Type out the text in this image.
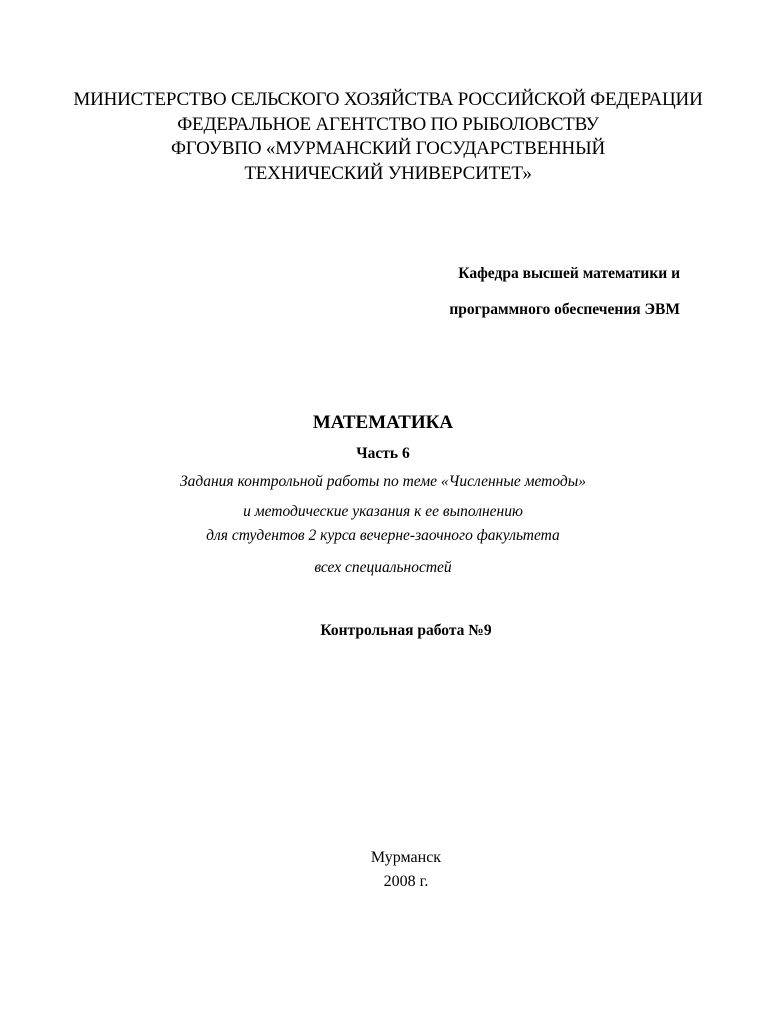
МИНИСТЕРСТВО СЕЛЬСКОГО ХОЗЯЙСТВА РОССИЙСКОЙ ФЕДЕРАЦИИ
ФЕДЕРАЛЬНОЕ АГЕНТСТВО ПО РЫБОЛОВСТВУ
ФГОУВПО «МУРМАНСКИЙ ГОСУДАРСТВЕННЫЙ
ТЕХНИЧЕСКИЙ УНИВЕРСИТЕТ»
Кафедра высшей математики и
программного обеспечения ЭВМ
МАТЕМАТИКА
Часть 6
Задания контрольной работы по теме «Численные методы»
и методические указания к ее выполнению
для студентов 2 курса вечерне-заочного факультета
всех специальностей
Контрольная работа №9
Мурманск
2008 г.
